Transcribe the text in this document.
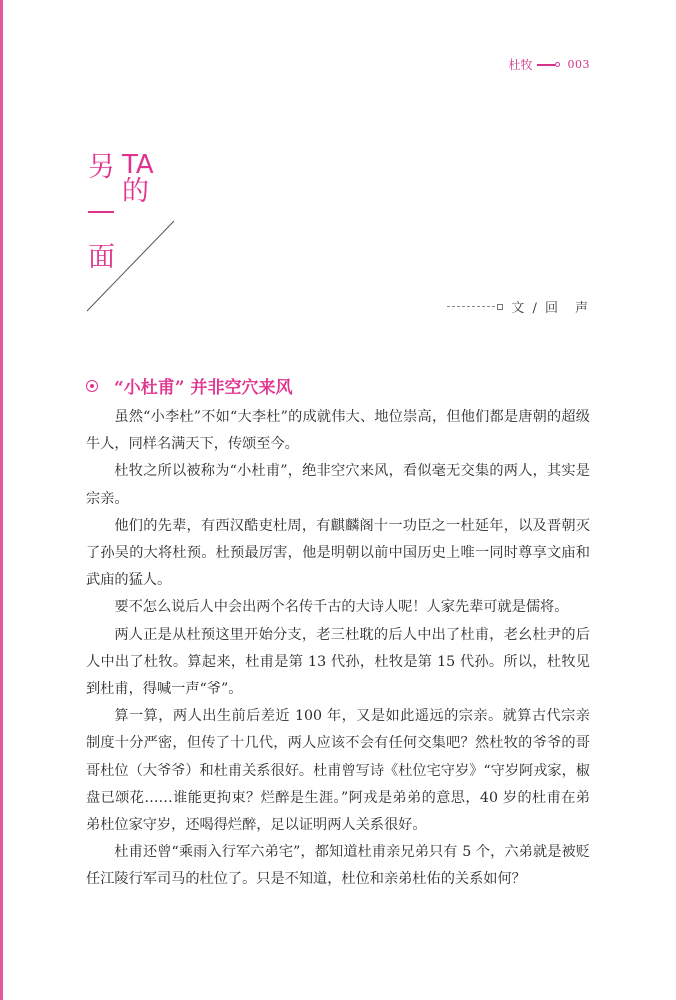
杜牧	003
另 TA
的
面
文 / 回　声
“小杜甫” 并非空穴来风

虽然“小李杜”不如“大李杜”的成就伟大、地位崇高，但他们都是唐朝的超级牛人，同样名满天下，传颂至今。

杜牧之所以被称为“小杜甫”，绝非空穴来风，看似毫无交集的两人，其实是宗亲。

他们的先辈，有西汉酷吏杜周，有麒麟阁十一功臣之一杜延年，以及晋朝灭了孙吴的大将杜预。杜预最厉害，他是明朝以前中国历史上唯一同时尊享文庙和武庙的猛人。

要不怎么说后人中会出两个名传千古的大诗人呢！人家先辈可就是儒将。

两人正是从杜预这里开始分支，老三杜耽的后人中出了杜甫，老幺杜尹的后人中出了杜牧。算起来，杜甫是第 13 代孙，杜牧是第 15 代孙。所以，杜牧见到杜甫，得喊一声“爷”。

算一算，两人出生前后差近 100 年，又是如此遥远的宗亲。就算古代宗亲制度十分严密，但传了十几代，两人应该不会有任何交集吧？然杜牧的爷爷的哥哥杜位（大爷爷）和杜甫关系很好。杜甫曾写诗《杜位宅守岁》“守岁阿戎家，椒盘已颂花……谁能更拘束？烂醉是生涯。”阿戎是弟弟的意思，40 岁的杜甫在弟弟杜位家守岁，还喝得烂醉，足以证明两人关系很好。

杜甫还曾“乘雨入行军六弟宅”，都知道杜甫亲兄弟只有 5 个，六弟就是被贬任江陵行军司马的杜位了。只是不知道，杜位和亲弟杜佑的关系如何？
